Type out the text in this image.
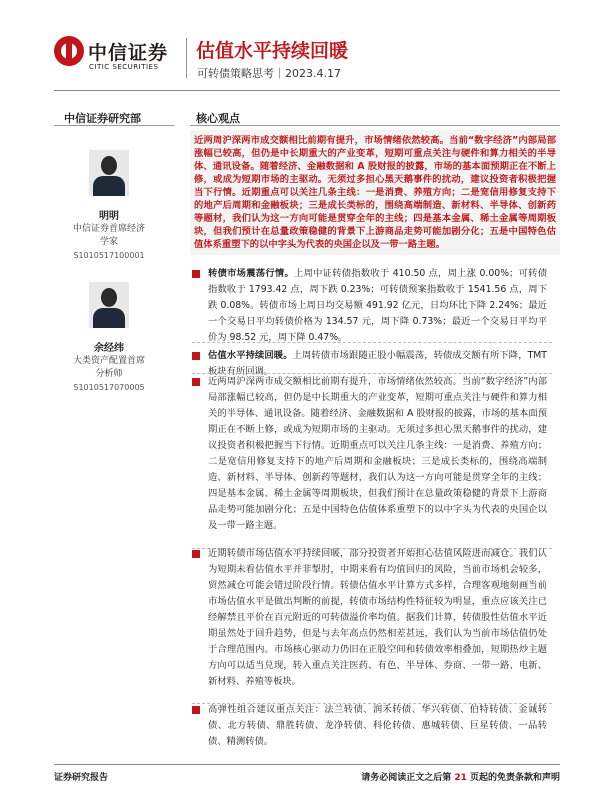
中信证券
CITIC SECURITIES
估值水平持续回暖
可转债策略思考｜2023.4.17
中信证券研究部	核心观点
明明
中信证券首席经济
学家
S1010517100001
余经纬
大类资产配置首席
分析师
S1010517070005
近两周沪深两市成交额相比前期有提升，市场情绪依然较高。当前“数字经济”内部局部涨幅已较高，但仍是中长期重大的产业变革，短期可重点关注与硬件和算力相关的半导体、通讯设备。随着经济、金融数据和 A 股财报的披露，市场的基本面预期正在不断上修，或成为短期市场的主驱动。无须过多担心黑天鹅事件的扰动，建议投资者积极把握当下行情。近期重点可以关注几条主线：一是消费、养殖方向；二是宽信用修复支持下的地产后周期和金融板块；三是成长类标的，围绕高端制造、新材料、半导体、创新药等题材，我们认为这一方向可能是贯穿全年的主线；四是基本金属、稀土金属等周期板块，但我们预计在总量政策稳健的背景下上游商品走势可能加剧分化；五是中国特色估值体系重塑下的以中字头为代表的央国企以及一带一路主题。
转债市场震荡行情。上周中证转债指数收于 410.50 点，周上涨 0.00%；可转债指数收于 1793.42 点，周下跌 0.23%；可转债预案指数收于 1541.56 点，周下跌 0.08%。转债市场上周日均交易额 491.92 亿元，日均环比下降 2.24%；最近一个交易日平均转债价格为 134.57 元，周下降 0.73%；最近一个交易日平均平价为 98.52 元，周下降 0.47%。
估值水平持续回暖。上周转债市场跟随正股小幅震荡，转债成交额有所下降，TMT 板块有所回调。
近两周沪深两市成交额相比前期有提升，市场情绪依然较高。当前“数字经济”内部局部涨幅已较高，但仍是中长期重大的产业变革，短期可重点关注与硬件和算力相关的半导体、通讯设备。随着经济、金融数据和 A 股财报的披露，市场的基本面预期正在不断上修，或成为短期市场的主驱动。无须过多担心黑天鹅事件的扰动，建议投资者积极把握当下行情。近期重点可以关注几条主线：一是消费、养殖方向；二是宽信用修复支持下的地产后周期和金融板块；三是成长类标的，围绕高端制造、新材料、半导体、创新药等题材，我们认为这一方向可能是贯穿全年的主线；四是基本金属、稀土金属等周期板块，但我们预计在总量政策稳健的背景下上游商品走势可能加剧分化；五是中国特色估值体系重塑下的以中字头为代表的央国企以及一带一路主题。
近期转债市场估值水平持续回暖，部分投资者开始担心估值风险进而减仓。我们认为短期未看估值水平并非掣肘，中期来看有均值回归的风险，当前市场机会较多，贸然减仓可能会错过阶段行情。转债估值水平计算方式多样，合理客观地刻画当前市场估值水平是做出判断的前提，转债市场结构性特征较为明显，重点应该关注已经解禁且平价在百元附近的可转债溢价率均值。据我们计算，转债股性估值水平近期虽然处于回升趋势，但是与去年高点仍然相差甚远，我们认为当前市场估值仍处于合理范围内。市场核心驱动力仍旧在正股空间和转债效率相叠加，短期热炒主题方向可以适当兑现，转入重点关注医药、有色、半导体、券商、一带一路、电新、新材料、养殖等板块。
高弹性组合建议重点关注：法兰转债、润禾转债、华兴转债、伯特转债、金诚转债、北方转债、鼎胜转债、龙净转债、科伦转债、惠城转债、巨星转债、一品转债、精测转债。
证券研究报告	请务必阅读正文之后第 21 页起的免责条款和声明
